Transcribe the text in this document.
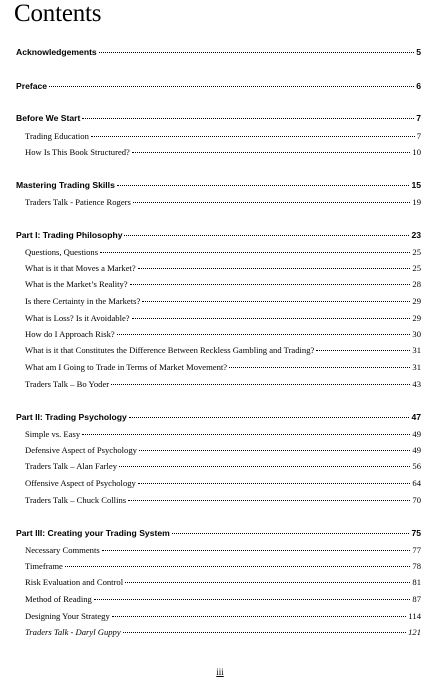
Contents
Acknowledgements	5
Preface	6
Before We Start	7
Trading Education	7
How Is This Book Structured?	10
Mastering Trading Skills	15
Traders Talk - Patience Rogers	19
Part I: Trading Philosophy	23
Questions, Questions	25
What is it that Moves a Market?	25
What is the Market’s Reality?	28
Is there Certainty in the Markets?	29
What is Loss? Is it Avoidable?	29
How do I Approach Risk?	30
What is it that Constitutes the Difference Between Reckless Gambling and Trading?	31
What am I Going to Trade in Terms of Market Movement?	31
Traders Talk – Bo Yoder	43
Part II: Trading Psychology	47
Simple vs. Easy	49
Defensive Aspect of Psychology	49
Traders Talk – Alan Farley	56
Offensive Aspect of Psychology	64
Traders Talk – Chuck Collins	70
Part III: Creating your Trading System	75
Necessary Comments	77
Timeframe	78
Risk Evaluation and Control	81
Method of Reading	87
Designing Your Strategy	114
Traders Talk - Daryl Guppy	121
iii
